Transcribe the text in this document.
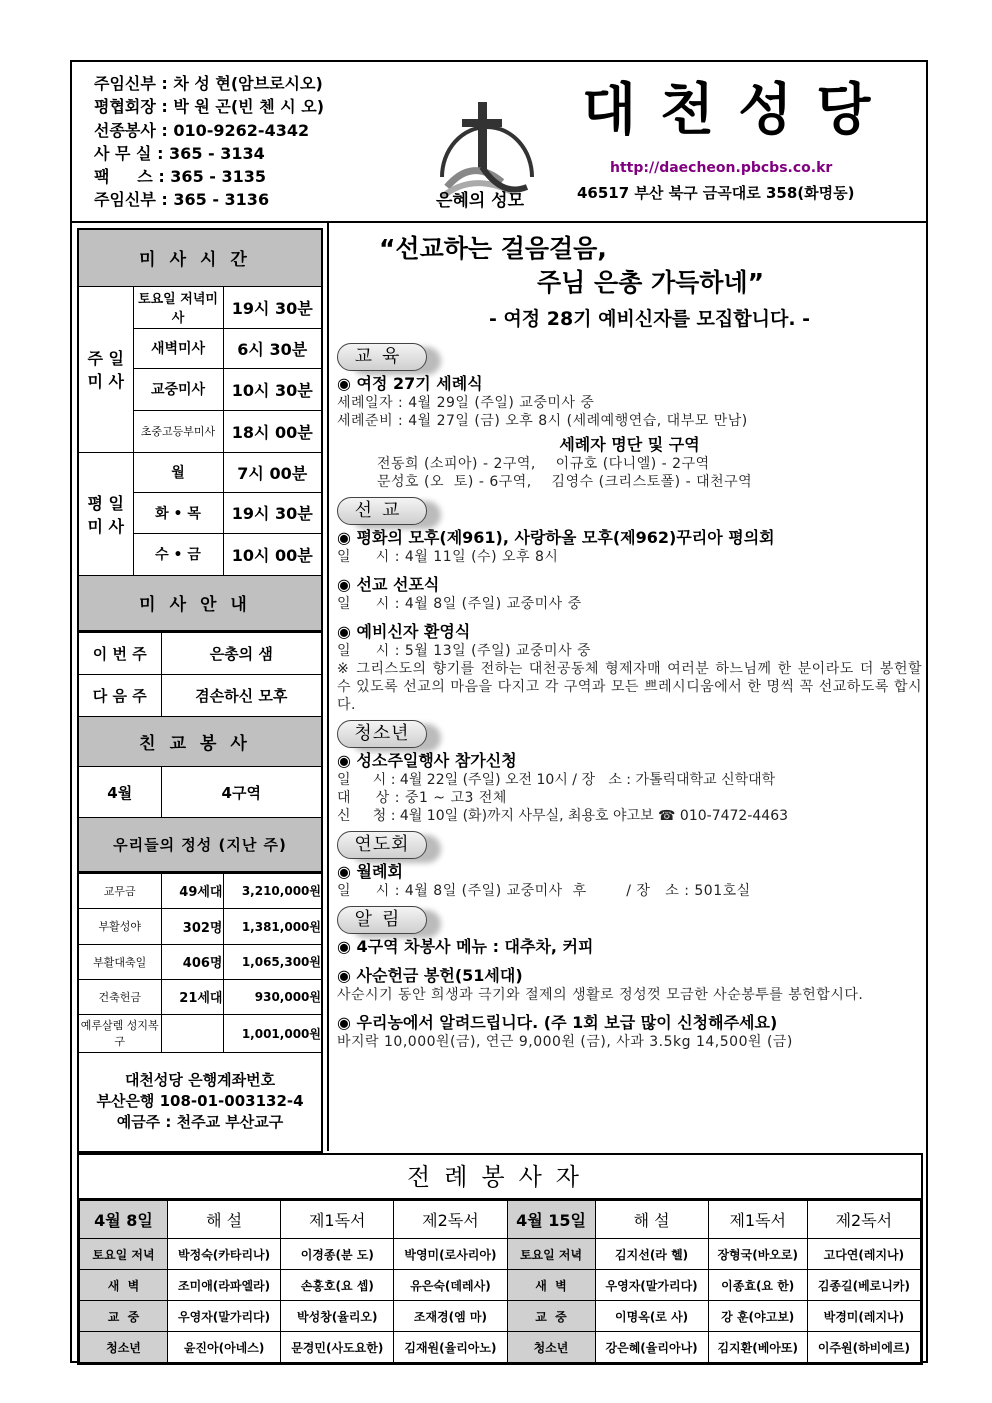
주임신부 : 차 성 현(암브로시오)
평협회장 : 박 원 곤(빈 첸 시 오)
선종봉사 : 010-9262-4342
사 무 실 : 365 - 3134
팩     스 : 365 - 3135
주임신부 : 365 - 3136	은혜의 성모
대천성당
http://daecheon.pbcbs.co.kr
46517 부산 북구 금곡대로 358(화명동)
미사시간		
주 일 미 사	토요일 저녁미사	19시 30분
	새벽미사	6시 30분
	교중미사	10시 30분
	초중고등부미사	18시 00분
평 일 미 사	월	7시 00분
	화 • 목	19시 30분
	수 • 금	10시 00분
미사안내		
이 번 주	은총의 샘
다 음 주	겸손하신 모후
친교봉사	
4월	4구역
우리들의 정성 (지난 주)	
교무금	49세대	3,210,000원
부활성야	302명	1,381,000원
부활대축일	406명	1,065,300원
건축헌금	21세대	930,000원
예루살렘 성지복구		1,001,000원

대천성당 은행계좌번호
부산은행 108-01-003132-4
예금주 : 천주교 부산교구		
“선교하는 걸음걸음,
주님 은총 가득하네”
- 여정 28기 예비신자를 모집합니다. -
교육
◉ 여정 27기 세례식
세례일자 : 4월 29일 (주일) 교중미사 중
세례준비 : 4월 27일 (금) 오후 8시 (세례예행연습, 대부모 만남)
세례자 명단 및 구역
전동희 (소피아) - 2구역,    이규호 (다니엘) - 2구역
문성호 (오  토) - 6구역,    김영수 (크리스토폴) - 대천구역
선교
◉ 평화의 모후(제961), 사랑하올 모후(제962)꾸리아 평의회
일     시 : 4월 11일 (수) 오후 8시
◉ 선교 선포식
일     시 : 4월 8일 (주일) 교중미사 중
◉ 예비신자 환영식
일     시 : 5월 13일 (주일) 교중미사 중
※ 그리스도의 향기를 전하는 대천공동체 형제자매 여러분 하느님께 한 분이라도 더 봉헌할 수 있도록 선교의 마음을 다지고 각 구역과 모든 쁘레시디움에서 한 명씩 꼭 선교하도록 합시다.
청소년
◉ 성소주일행사 참가신청
일     시 : 4월 22일 (주일) 오전 10시 / 장   소 : 가톨릭대학교 신학대학
대     상 : 중1 ~ 고3 전체
신     청 : 4월 10일 (화)까지 사무실, 최용호 야고보 ☎ 010-7472-4463
연도회
◉ 월례회
일     시 : 4월 8일 (주일) 교중미사  후        / 장   소 : 501호실
알림
◉ 4구역 차봉사 메뉴 : 대추차, 커피
◉ 사순헌금 봉헌(51세대)
사순시기 동안 희생과 극기와 절제의 생활로 정성껏 모금한 사순봉투를 봉헌합시다.
◉ 우리농에서 알려드립니다. (주 1회 보급 많이 신청해주세요)
바지락 10,000원(금), 연근 9,000원 (금), 사과 3.5kg 14,500원 (금)
전례봉사자
4월 8일	해 설	제1독서	제2독서	4월 15일	해 설	제1독서	제2독서
토요일 저녁	박정숙(카타리나)	이경종(분 도)	박영미(로사리아)	토요일 저녁	김지선(라 헬)	장형국(바오로)	고다연(레지나)
새  벽	조미애(라파엘라)	손홍호(요 셉)	유은숙(데레사)	새  벽	우영자(말가리다)	이종효(요 한)	김종길(베로니카)
교  중	우영자(말가리다)	박성창(율리오)	조재경(엠 마)	교  중	이명옥(로 사)	강 훈(야고보)	박경미(레지나)
청소년	윤진아(아네스)	문경민(사도요한)	김재원(율리아노)	청소년	강은혜(율리아나)	김지환(베아또)	이주원(하비에르)
